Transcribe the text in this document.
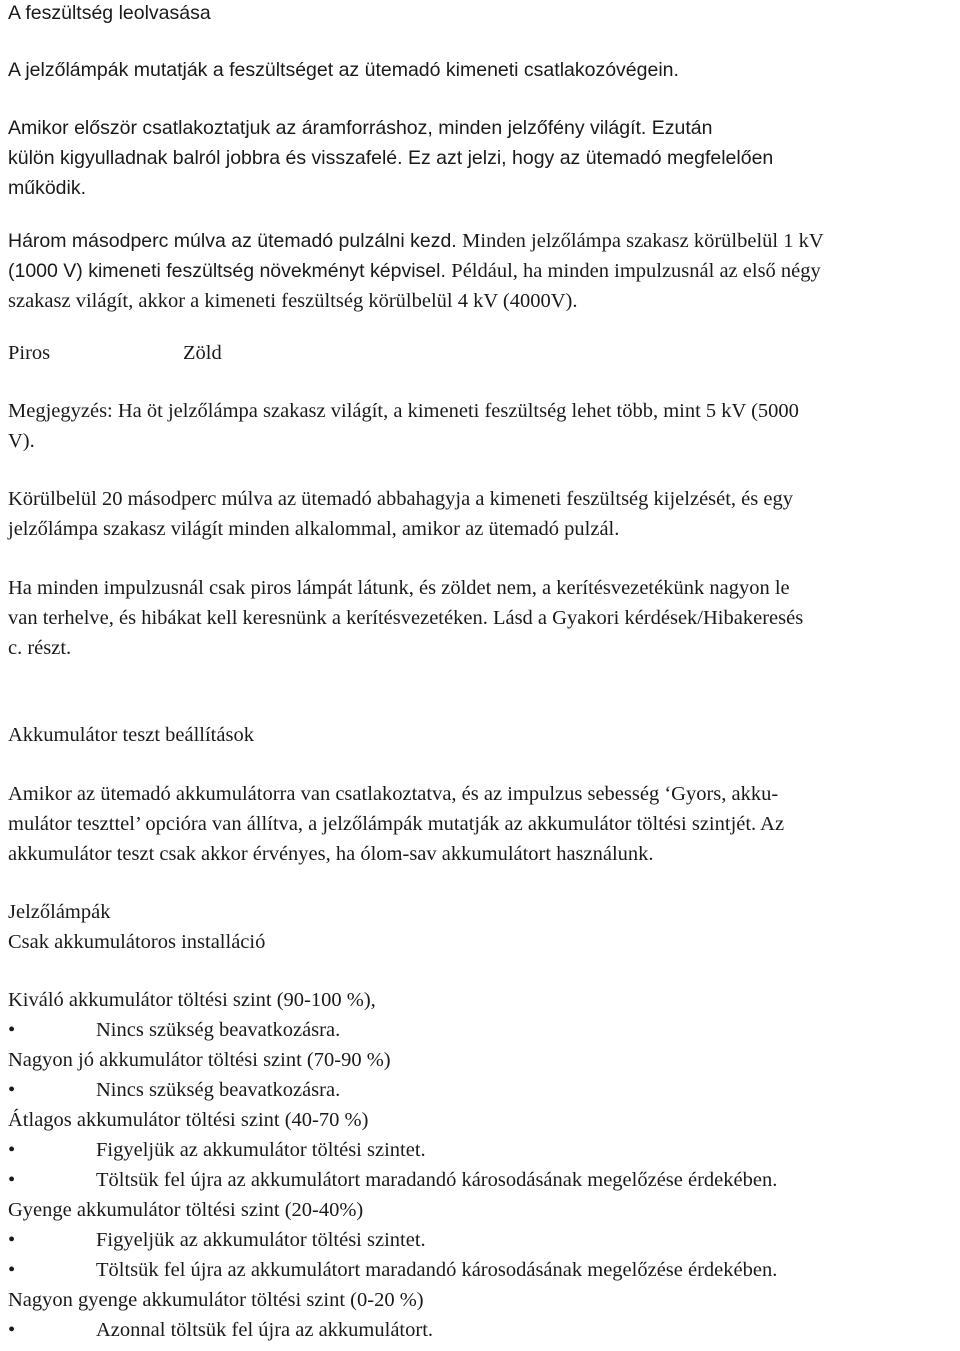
A feszültség leolvasása
A jelzőlámpák mutatják a feszültséget az ütemadó kimeneti csatlakozóvégein.
Amikor először csatlakoztatjuk az áramforráshoz, minden jelzőfény világít. Ezután
külön kigyulladnak balról jobbra és visszafelé. Ez azt jelzi, hogy az ütemadó megfelelően
működik.
Három másodperc múlva az ütemadó pulzálni kezd. Minden jelzőlámpa szakasz körülbelül 1 kV
(1000 V) kimeneti feszültség növekményt képvisel. Például, ha minden impulzusnál az első négy
szakasz világít, akkor a kimeneti feszültség körülbelül 4 kV (4000V).
Piros	Zöld
Megjegyzés: Ha öt jelzőlámpa szakasz világít, a kimeneti feszültség lehet több, mint 5 kV (5000
V).
Körülbelül 20 másodperc múlva az ütemadó abbahagyja a kimeneti feszültség kijelzését, és egy
jelzőlámpa szakasz világít minden alkalommal, amikor az ütemadó pulzál.
Ha minden impulzusnál csak piros lámpát látunk, és zöldet nem, a kerítésvezetékünk nagyon le
van terhelve, és hibákat kell keresnünk a kerítésvezetéken. Lásd a Gyakori kérdések/Hibakeresés
c. részt.
Akkumulátor teszt beállítások
Amikor az ütemadó akkumulátorra van csatlakoztatva, és az impulzus sebesség ‘Gyors, akku-
mulátor teszttel’ opcióra van állítva, a jelzőlámpák mutatják az akkumulátor töltési szintjét. Az
akkumulátor teszt csak akkor érvényes, ha ólom-sav akkumulátort használunk.
Jelzőlámpák
Csak akkumulátoros installáció
Kiváló akkumulátor töltési szint (90-100 %),
•	Nincs szükség beavatkozásra.
Nagyon jó akkumulátor töltési szint (70-90 %)
•	Nincs szükség beavatkozásra.
Átlagos akkumulátor töltési szint (40-70 %)
•	Figyeljük az akkumulátor töltési szintet.
•	Töltsük fel újra az akkumulátort maradandó károsodásának megelőzése érdekében.
Gyenge akkumulátor töltési szint (20-40%)
•	Figyeljük az akkumulátor töltési szintet.
•	Töltsük fel újra az akkumulátort maradandó károsodásának megelőzése érdekében.
Nagyon gyenge akkumulátor töltési szint (0-20 %)
•	Azonnal töltsük fel újra az akkumulátort.
